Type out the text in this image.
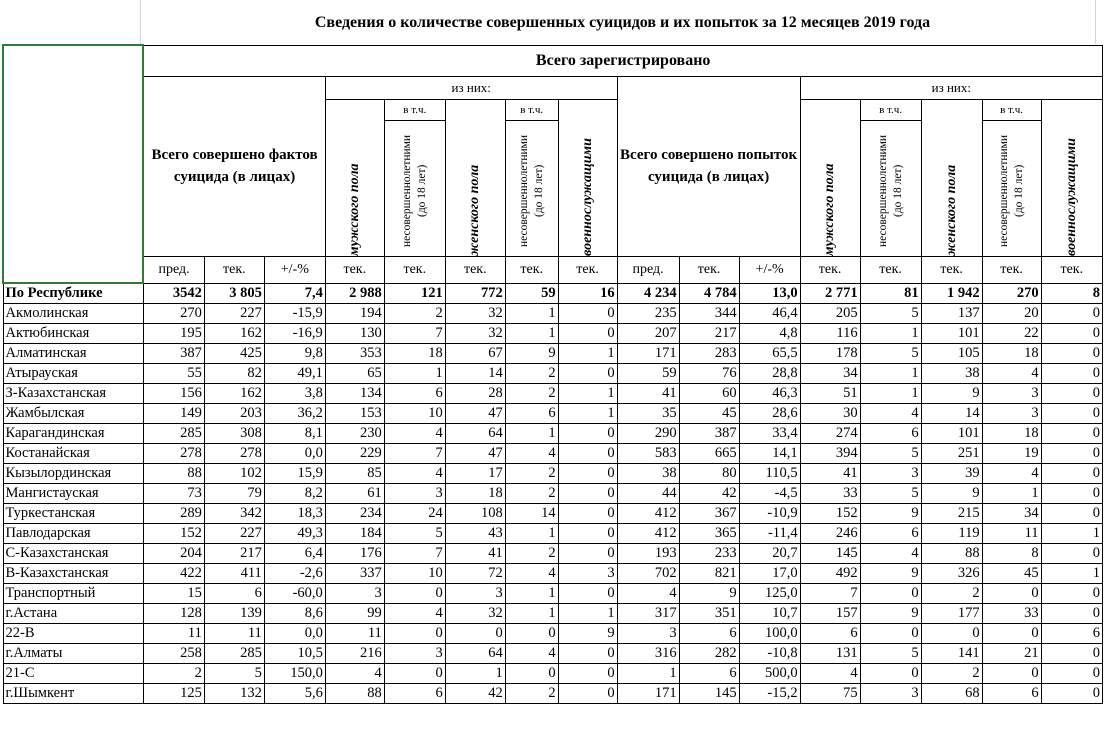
Сведения о количестве совершенных суицидов и их попыток за 12 месяцев 2019 года
	Всего зарегистрировано															
	Всего совершено фактов суицида (в лицах)			из них:					Всего совершено попыток суицида (в лицах)			из них:				

				мужского пола	в т.ч.	женского пола	в т.ч.	военнослужащими				мужского пола	в т.ч.	женского пола	в т.ч.	военнослужащими

					несовершеннолетними (до 18 лет)		несовершеннолетними (до 18 лет)						несовершеннолетними (до 18 лет)		несовершеннолетними (до 18 лет)	

	пред.	тек.	+/-%	тек.	тек.	тек.	тек.	тек.	пред.	тек.	+/-%	тек.	тек.	тек.	тек.	тек.
По Республике	3542	3 805	7,4	2 988	121	772	59	16	4 234	4 784	13,0	2 771	81	1 942	270	8
Акмолинская	270	227	-15,9	194	2	32	1	0	235	344	46,4	205	5	137	20	0
Актюбинская	195	162	-16,9	130	7	32	1	0	207	217	4,8	116	1	101	22	0
Алматинская	387	425	9,8	353	18	67	9	1	171	283	65,5	178	5	105	18	0
Атырауская	55	82	49,1	65	1	14	2	0	59	76	28,8	34	1	38	4	0
З-Казахстанская	156	162	3,8	134	6	28	2	1	41	60	46,3	51	1	9	3	0
Жамбылская	149	203	36,2	153	10	47	6	1	35	45	28,6	30	4	14	3	0
Карагандинская	285	308	8,1	230	4	64	1	0	290	387	33,4	274	6	101	18	0
Костанайская	278	278	0,0	229	7	47	4	0	583	665	14,1	394	5	251	19	0
Кызылординская	88	102	15,9	85	4	17	2	0	38	80	110,5	41	3	39	4	0
Мангистауская	73	79	8,2	61	3	18	2	0	44	42	-4,5	33	5	9	1	0
Туркестанская	289	342	18,3	234	24	108	14	0	412	367	-10,9	152	9	215	34	0
Павлодарская	152	227	49,3	184	5	43	1	0	412	365	-11,4	246	6	119	11	1
С-Казахстанская	204	217	6,4	176	7	41	2	0	193	233	20,7	145	4	88	8	0
В-Казахстанская	422	411	-2,6	337	10	72	4	3	702	821	17,0	492	9	326	45	1
Транспортный	15	6	-60,0	3	0	3	1	0	4	9	125,0	7	0	2	0	0
г.Астана	128	139	8,6	99	4	32	1	1	317	351	10,7	157	9	177	33	0
22-В	11	11	0,0	11	0	0	0	9	3	6	100,0	6	0	0	0	6
г.Алматы	258	285	10,5	216	3	64	4	0	316	282	-10,8	131	5	141	21	0
21-С	2	5	150,0	4	0	1	0	0	1	6	500,0	4	0	2	0	0
г.Шымкент	125	132	5,6	88	6	42	2	0	171	145	-15,2	75	3	68	6	0
